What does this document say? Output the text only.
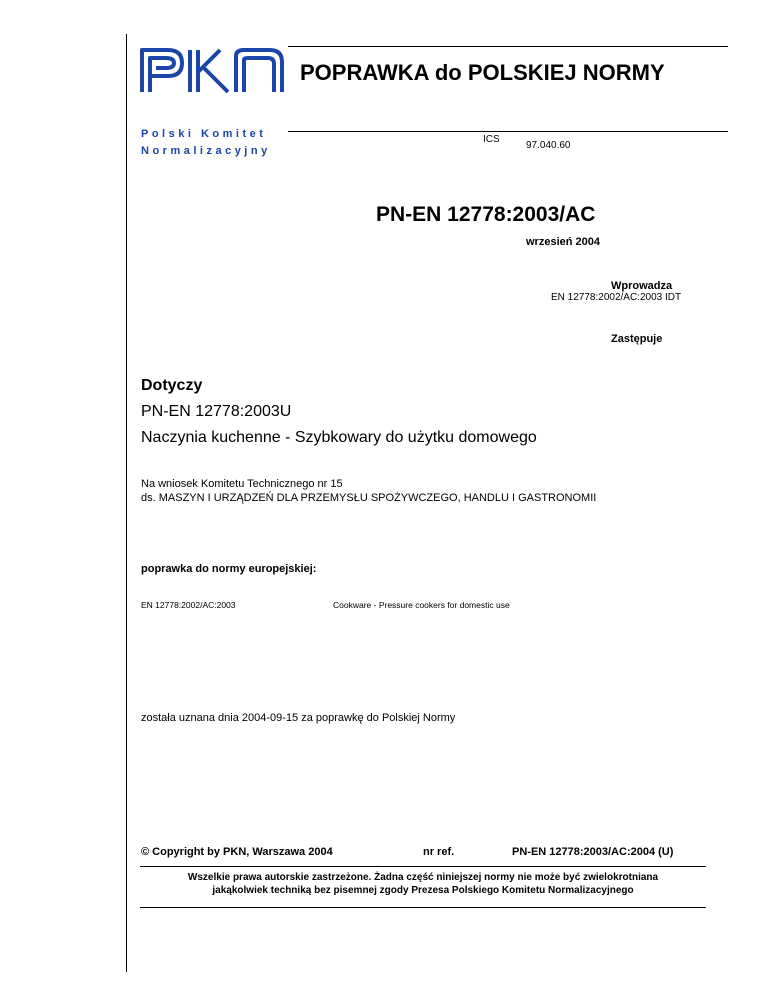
POPRAWKA do POLSKIEJ NORMY
Polski Komitet
Normalizacyjny
ICS
97.040.60
PN-EN 12778:2003/AC
wrzesień 2004
Wprowadza
EN 12778:2002/AC:2003 IDT
Zastępuje
Dotyczy
PN-EN 12778:2003U
Naczynia kuchenne - Szybkowary do użytku domowego
Na wniosek Komitetu Technicznego nr 15
ds. MASZYN I URZĄDZEŃ DLA PRZEMYSŁU SPOŻYWCZEGO, HANDLU I GASTRONOMII
poprawka do normy europejskiej:
EN 12778:2002/AC:2003	Cookware - Pressure cookers for domestic use
została uznana dnia 2004-09-15 za poprawkę do Polskiej Normy
© Copyright by PKN, Warszawa 2004	nr ref.	PN-EN 12778:2003/AC:2004 (U)
Wszelkie prawa autorskie zastrzeżone. Żadna część niniejszej normy nie może być zwielokrotniana
jakąkolwiek techniką bez pisemnej zgody Prezesa Polskiego Komitetu Normalizacyjnego
